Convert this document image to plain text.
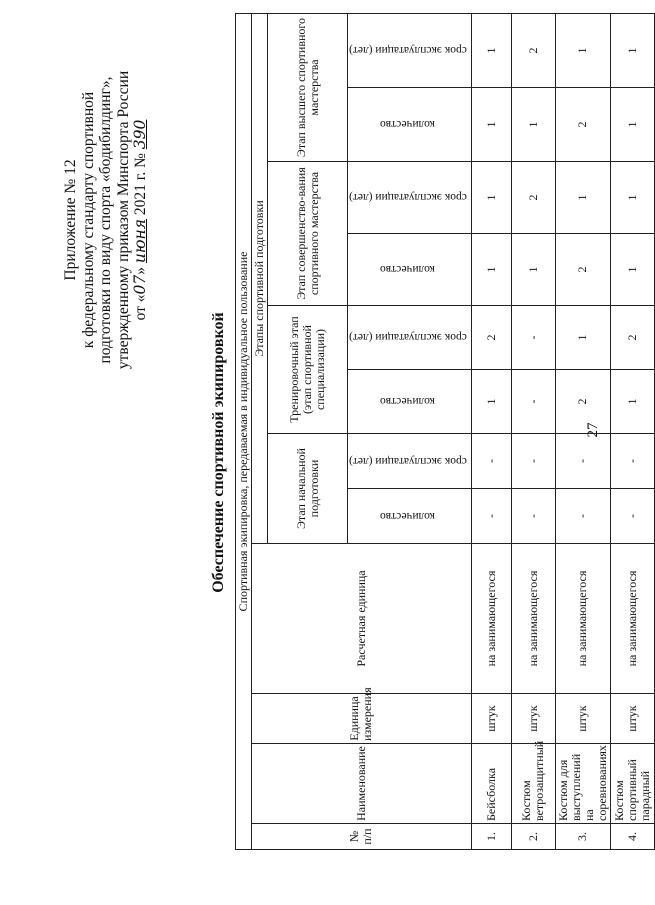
27
Приложение № 12 к федеральному стандарту спортивной подготовки по виду спорта «бодибилдинг», утвержденному приказом Минспорта России от «07» июня 2021 г. № 390
Обеспечение спортивной экипировкой Спортивная экипировка, передаваемая в индивидуальное пользование											
№ п/п	Наименование	Единица измерения	Расчетная единица	Этапы спортивной подготовки							
				Этап начальной подготовки		Тренировочный этап (этап спортивной специализации)		Этап совершенство-вания спортивного мастерства		Этап высшего спортивного мастерства	
				количество	срок эксплуатации (лет)	количество	срок эксплуатации (лет)	количество	срок эксплуатации (лет)	количество	срок эксплуатации (лет)
1.	Бейсболка	штук	на занимающегося	-	-	1	2	1	1	1	1
2.	Костюм ветрозащитный	штук	на занимающегося	-	-	-	-	1	2	1	2
3.	Костюм для выступлений на соревнованиях	штук	на занимающегося	-	-	2	1	2	1	2	1
4.	Костюм спортивный парадный	штук	на занимающегося	-	-	1	2	1	1	1	1
